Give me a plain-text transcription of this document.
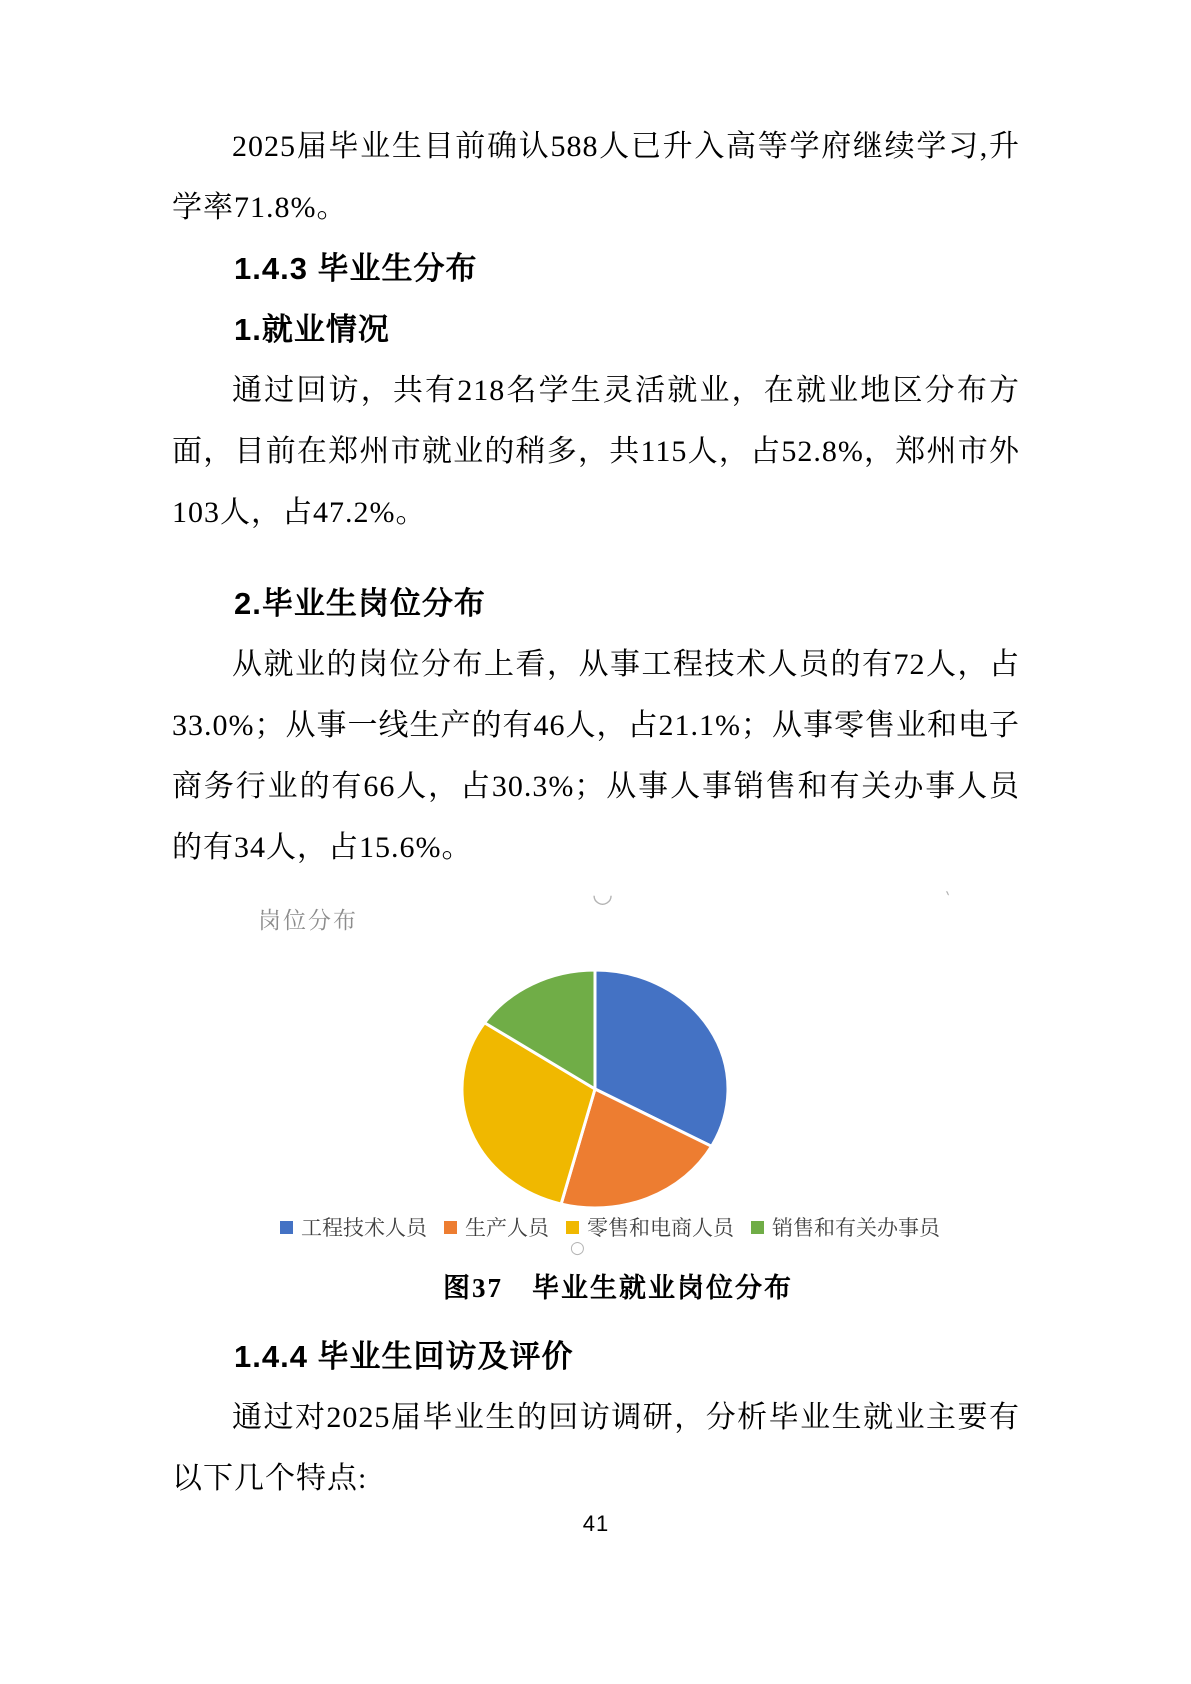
2025届毕业生目前确认588人已升入高等学府继续学习,升学率71.8%。

1.4.3 毕业生分布
1.就业情况

通过回访，共有218名学生灵活就业，在就业地区分布方面，目前在郑州市就业的稍多，共115人，占52.8%，郑州市外103人，占47.2%。

2.毕业生岗位分布

从就业的岗位分布上看，从事工程技术人员的有72人，占33.0%；从事一线生产的有46人，占21.1%；从事零售业和电子商务行业的有66人，占30.3%；从事人事销售和有关办事人员的有34人，占15.6%。

◡	ˋ
岗位分布
工程技术人员 生产人员 零售和电商人员 销售和有关办事员
○
图37　毕业生就业岗位分布
1.4.4 毕业生回访及评价

通过对2025届毕业生的回访调研，分析毕业生就业主要有以下几个特点:

41
